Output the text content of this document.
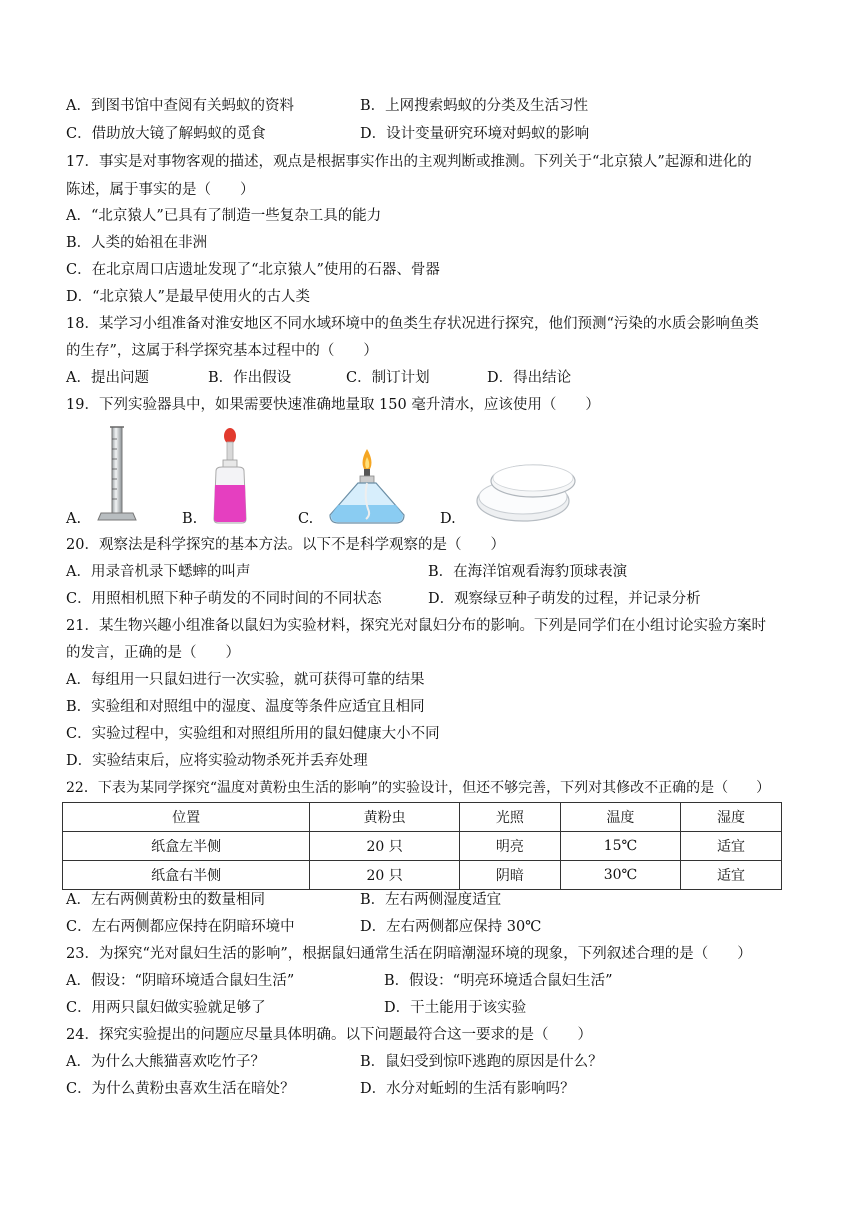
A．到图书馆中查阅有关蚂蚁的资料	B．上网搜索蚂蚁的分类及生活习性
C．借助放大镜了解蚂蚁的觅食	D．设计变量研究环境对蚂蚁的影响
17．事实是对事物客观的描述，观点是根据事实作出的主观判断或推测。下列关于“北京猿人”起源和进化的
陈述，属于事实的是（　　）
A．“北京猿人”已具有了制造一些复杂工具的能力
B．人类的始祖在非洲
C．在北京周口店遗址发现了“北京猿人”使用的石器、骨器
D．“北京猿人”是最早使用火的古人类
18．某学习小组准备对淮安地区不同水域环境中的鱼类生存状况进行探究，他们预测“污染的水质会影响鱼类
的生存”，这属于科学探究基本过程中的（　　）
A．提出问题	B．作出假设	C．制订计划	D．得出结论
19．下列实验器具中，如果需要快速准确地量取 150 毫升清水，应该使用（　　）
A.	B.	C.	D.
20．观察法是科学探究的基本方法。以下不是科学观察的是（　　）
A．用录音机录下蟋蟀的叫声	B．在海洋馆观看海豹顶球表演
C．用照相机照下种子萌发的不同时间的不同状态	D．观察绿豆种子萌发的过程，并记录分析
21．某生物兴趣小组准备以鼠妇为实验材料，探究光对鼠妇分布的影响。下列是同学们在小组讨论实验方案时
的发言，正确的是（　　）
A．每组用一只鼠妇进行一次实验，就可获得可靠的结果
B．实验组和对照组中的湿度、温度等条件应适宜且相同
C．实验过程中，实验组和对照组所用的鼠妇健康大小不同
D．实验结束后，应将实验动物杀死并丢弃处理
22．下表为某同学探究“温度对黄粉虫生活的影响”的实验设计，但还不够完善，下列对其修改不正确的是（　　）
位置	黄粉虫	光照	温度	湿度
纸盒左半侧	20 只	明亮	15℃	适宜
纸盒右半侧	20 只	阴暗	30℃	适宜
A．左右两侧黄粉虫的数量相同	B．左右两侧湿度适宜
C．左右两侧都应保持在阴暗环境中	D．左右两侧都应保持 30℃
23．为探究“光对鼠妇生活的影响”，根据鼠妇通常生活在阴暗潮湿环境的现象，下列叙述合理的是（　　）
A．假设：“阴暗环境适合鼠妇生活”	B．假设：“明亮环境适合鼠妇生活”
C．用两只鼠妇做实验就足够了	D．干土能用于该实验
24．探究实验提出的问题应尽量具体明确。以下问题最符合这一要求的是（　　）
A．为什么大熊猫喜欢吃竹子？	B．鼠妇受到惊吓逃跑的原因是什么？
C．为什么黄粉虫喜欢生活在暗处？	D．水分对蚯蚓的生活有影响吗？
